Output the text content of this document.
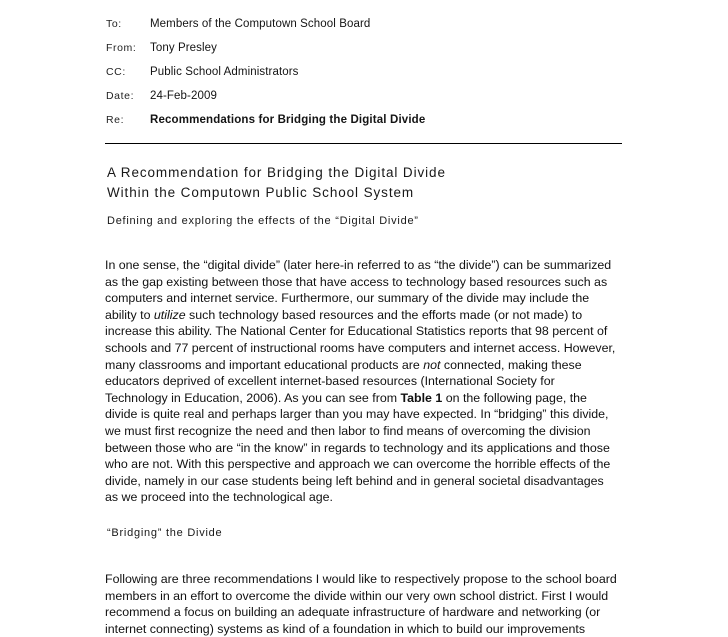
To:	Members of the Computown School Board
From:	Tony Presley
CC:	Public School Administrators
Date:	24-Feb-2009
Re:	Recommendations for Bridging the Digital Divide
A Recommendation for Bridging the Digital Divide
Within the Computown Public School System
Defining and exploring the effects of the “Digital Divide”
In one sense, the “digital divide” (later here-in referred to as “the divide”) can be summarized as the gap existing between those that have access to technology based resources such as computers and internet service. Furthermore, our summary of the divide may include the ability to utilize such technology based resources and the efforts made (or not made) to increase this ability. The National Center for Educational Statistics reports that 98 percent of schools and 77 percent of instructional rooms have computers and internet access. However, many classrooms and important educational products are not connected, making these educators deprived of excellent internet-based resources (International Society for Technology in Education, 2006). As you can see from Table 1 on the following page, the divide is quite real and perhaps larger than you may have expected. In “bridging” this divide, we must first recognize the need and then labor to find means of overcoming the division between those who are “in the know” in regards to technology and its applications and those who are not. With this perspective and approach we can overcome the horrible effects of the divide, namely in our case students being left behind and in general societal disadvantages as we proceed into the technological age.
“Bridging” the Divide
Following are three recommendations I would like to respectively propose to the school board members in an effort to overcome the divide within our very own school district. First I would recommend a focus on building an adequate infrastructure of hardware and networking (or internet connecting) systems as kind of a foundation in which to build our improvements
